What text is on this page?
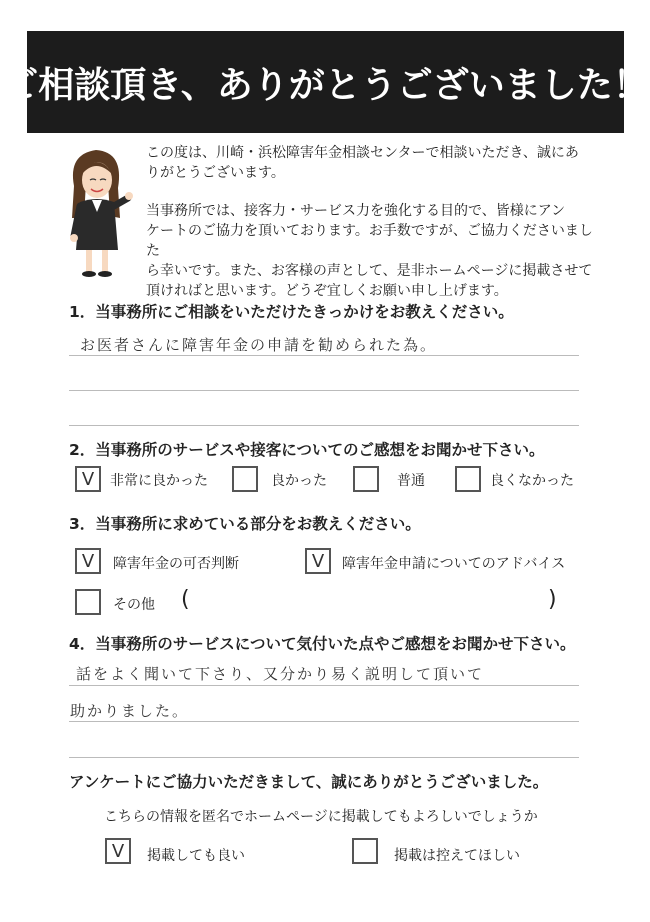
ご相談頂き、ありがとうございました！
この度は、川崎・浜松障害年金相談センターで相談いただき、誠にあ
りがとうございます。
当事務所では、接客力・サービス力を強化する目的で、皆様にアン
ケートのご協力を頂いております。お手数ですが、ご協力くださいました
ら幸いです。また、お客様の声として、是非ホームページに掲載させて
頂ければと思います。どうぞ宜しくお願い申し上げます。
1．当事務所にご相談をいただけたきっかけをお教えください。
お医者さんに障害年金の申請を勧められた為。
2．当事務所のサービスや接客についてのご感想をお聞かせ下さい。
V	非常に良かった	良かった	普通	良くなかった
3．当事務所に求めている部分をお教えください。
V	障害年金の可否判断	V	障害年金申請についてのアドバイス
その他 (	)
4．当事務所のサービスについて気付いた点やご感想をお聞かせ下さい。
話をよく聞いて下さり、又分かり易く説明して頂いて
助かりました。
アンケートにご協力いただきまして、誠にありがとうございました。
こちらの情報を匿名でホームページに掲載してもよろしいでしょうか
V	掲載しても良い	掲載は控えてほしい
